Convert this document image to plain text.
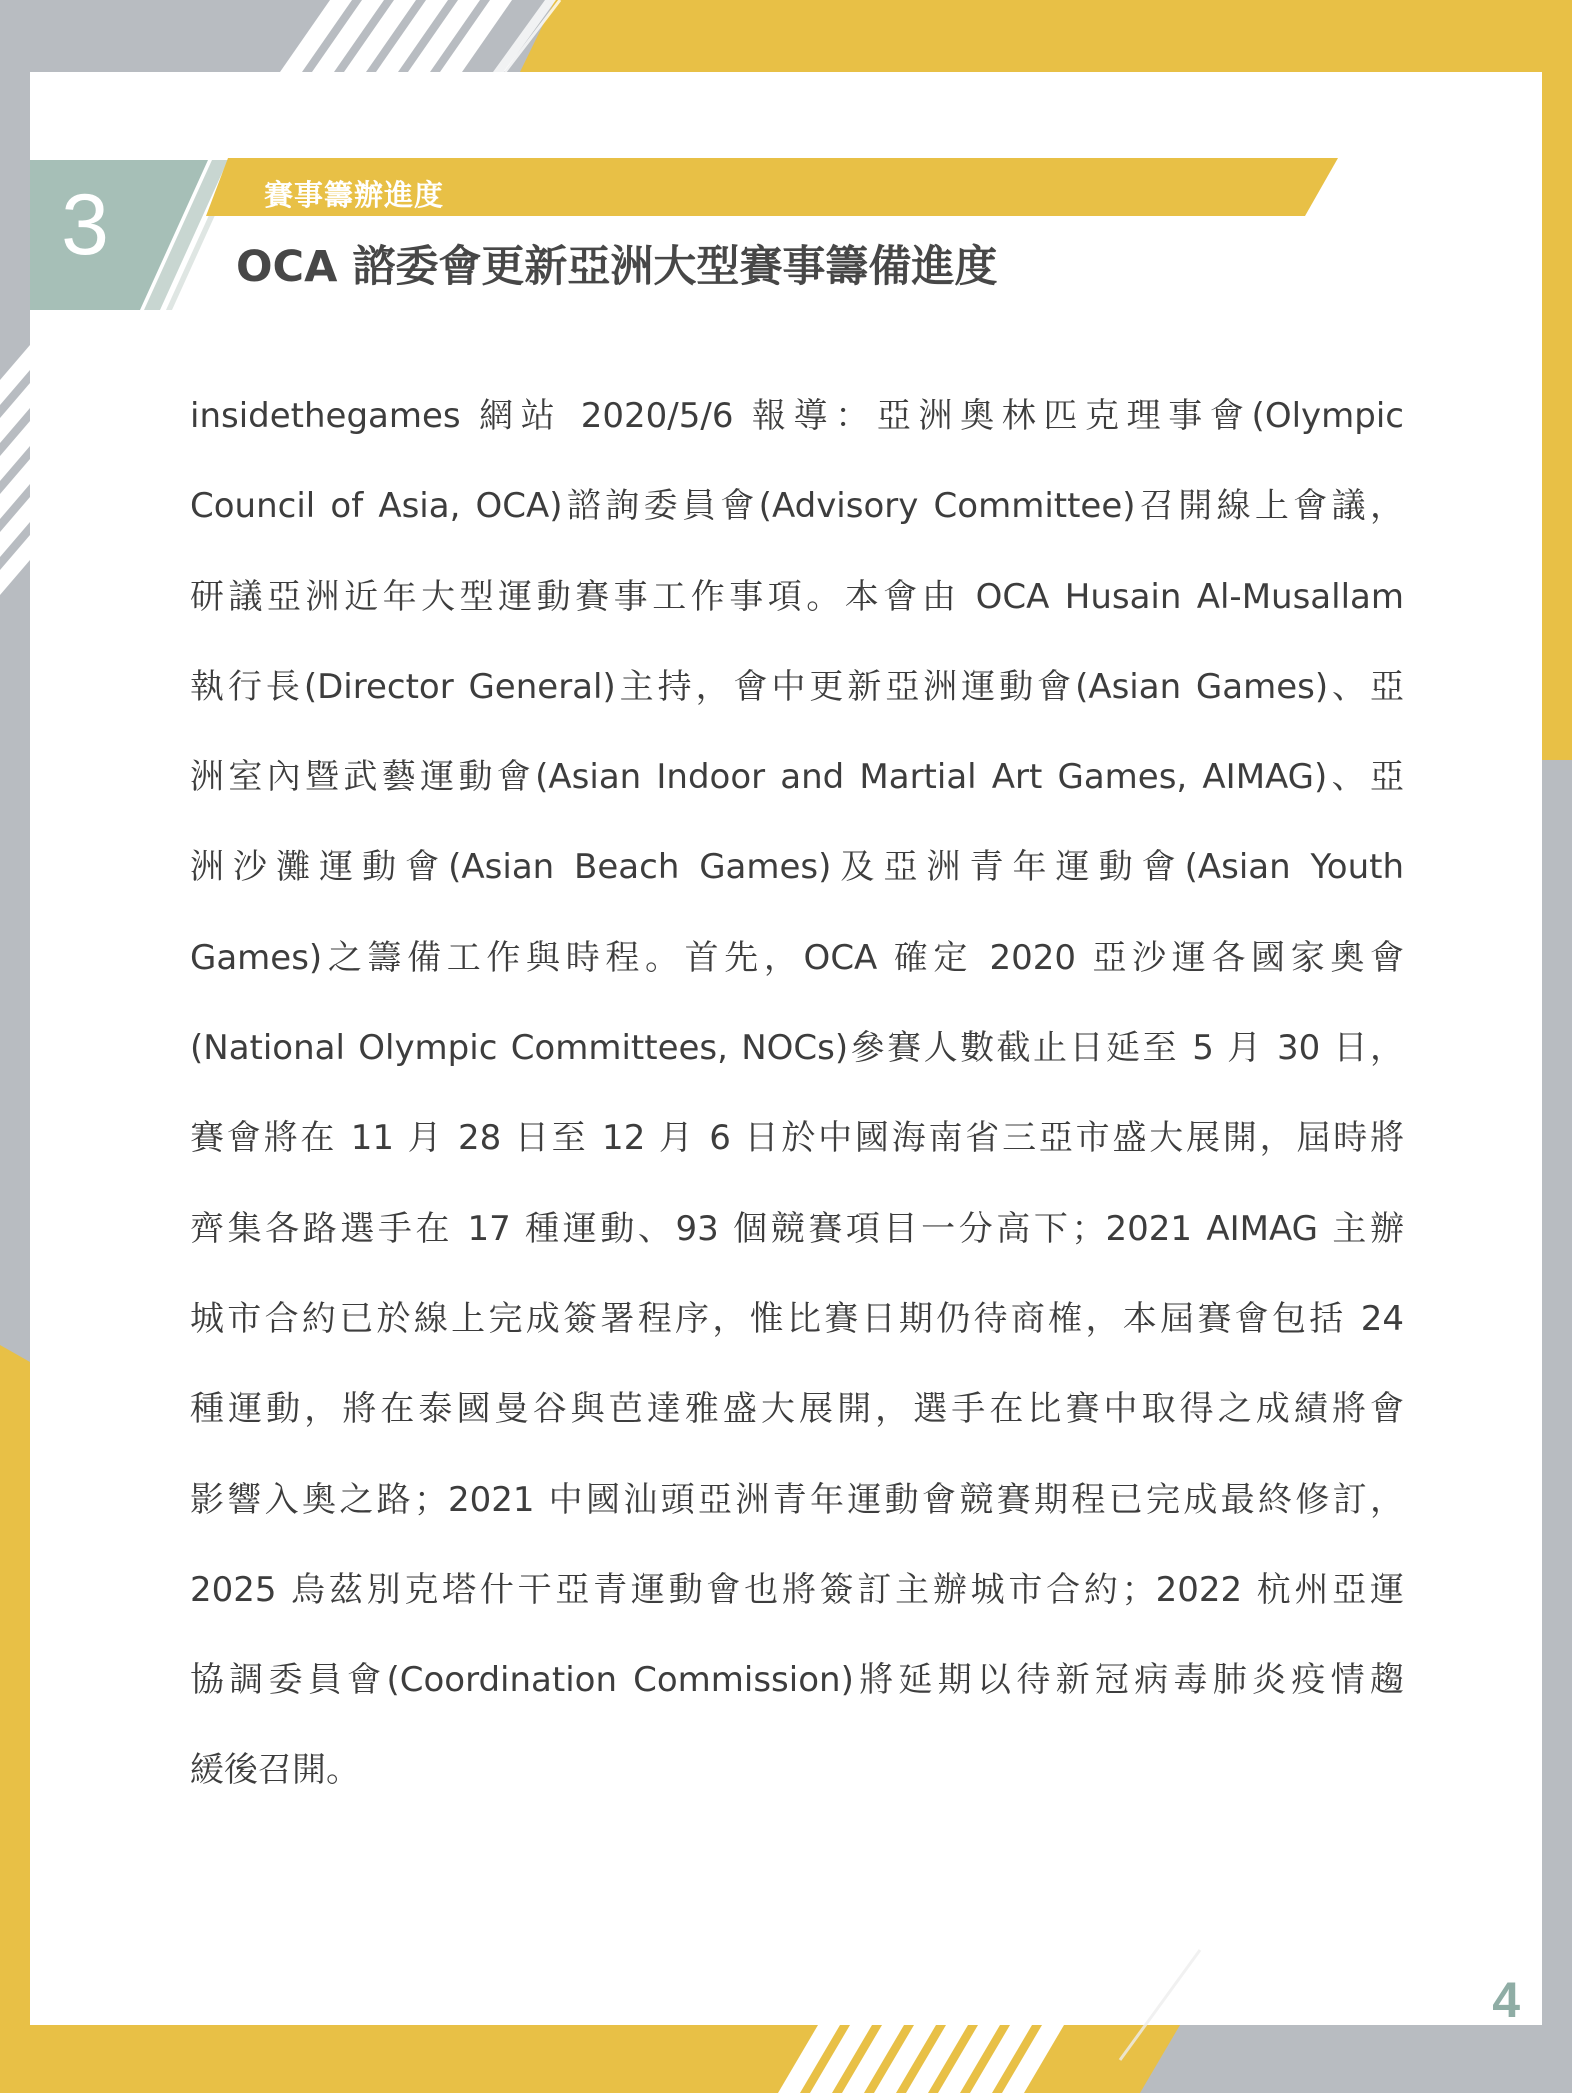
3	賽事籌辦進度
OCA 諮委會更新亞洲大型賽事籌備進度
insidethegames 網站 2020/5/6 報導：亞洲奧林匹克理事會(Olympic
Council of Asia, OCA)諮詢委員會(Advisory Committee)召開線上會議，
研議亞洲近年大型運動賽事工作事項。本會由 OCA Husain Al-Musallam
執行長(Director General)主持，會中更新亞洲運動會(Asian Games)、亞
洲室內暨武藝運動會(Asian Indoor and Martial Art Games, AIMAG)、亞
洲沙灘運動會(Asian Beach Games)及亞洲青年運動會(Asian Youth
Games)之籌備工作與時程。首先，OCA 確定 2020 亞沙運各國家奧會
(National Olympic Committees, NOCs)參賽人數截止日延至 5 月 30 日，
賽會將在 11 月 28 日至 12 月 6 日於中國海南省三亞市盛大展開，屆時將
齊集各路選手在 17 種運動、93 個競賽項目一分高下；2021 AIMAG 主辦
城市合約已於線上完成簽署程序，惟比賽日期仍待商榷，本屆賽會包括 24
種運動，將在泰國曼谷與芭達雅盛大展開，選手在比賽中取得之成績將會
影響入奧之路；2021 中國汕頭亞洲青年運動會競賽期程已完成最終修訂，
2025 烏茲別克塔什干亞青運動會也將簽訂主辦城市合約；2022 杭州亞運
協調委員會(Coordination Commission)將延期以待新冠病毒肺炎疫情趨
緩後召開。
4
